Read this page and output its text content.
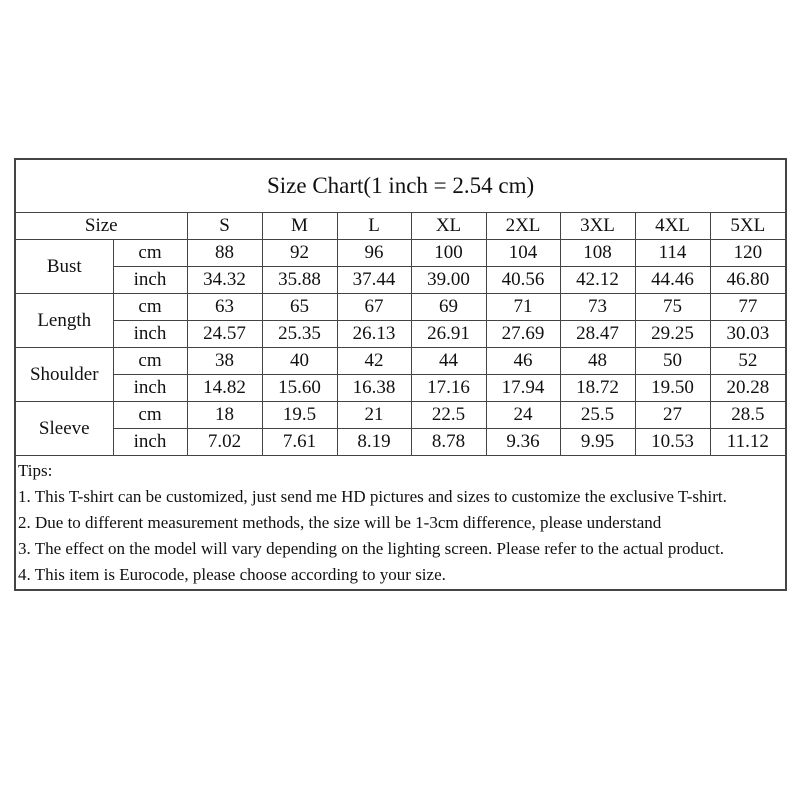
Size Chart(1 inch = 2.54 cm)									
Size		S	M	L	XL	2XL	3XL	4XL	5XL
Bust	cm	88	92	96	100	104	108	114	120
	inch	34.32	35.88	37.44	39.00	40.56	42.12	44.46	46.80
Length	cm	63	65	67	69	71	73	75	77
	inch	24.57	25.35	26.13	26.91	27.69	28.47	29.25	30.03
Shoulder	cm	38	40	42	44	46	48	50	52
	inch	14.82	15.60	16.38	17.16	17.94	18.72	19.50	20.28
Sleeve	cm	18	19.5	21	22.5	24	25.5	27	28.5
	inch	7.02	7.61	8.19	8.78	9.36	9.95	10.53	11.12

Tips:

1. This T-shirt can be customized, just send me HD pictures and sizes to customize the exclusive T-shirt.

2. Due to different measurement methods, the size will be 1-3cm difference, please understand

3. The effect on the model will vary depending on the lighting screen. Please refer to the actual product.

4. This item is Eurocode, please choose according to your size.
